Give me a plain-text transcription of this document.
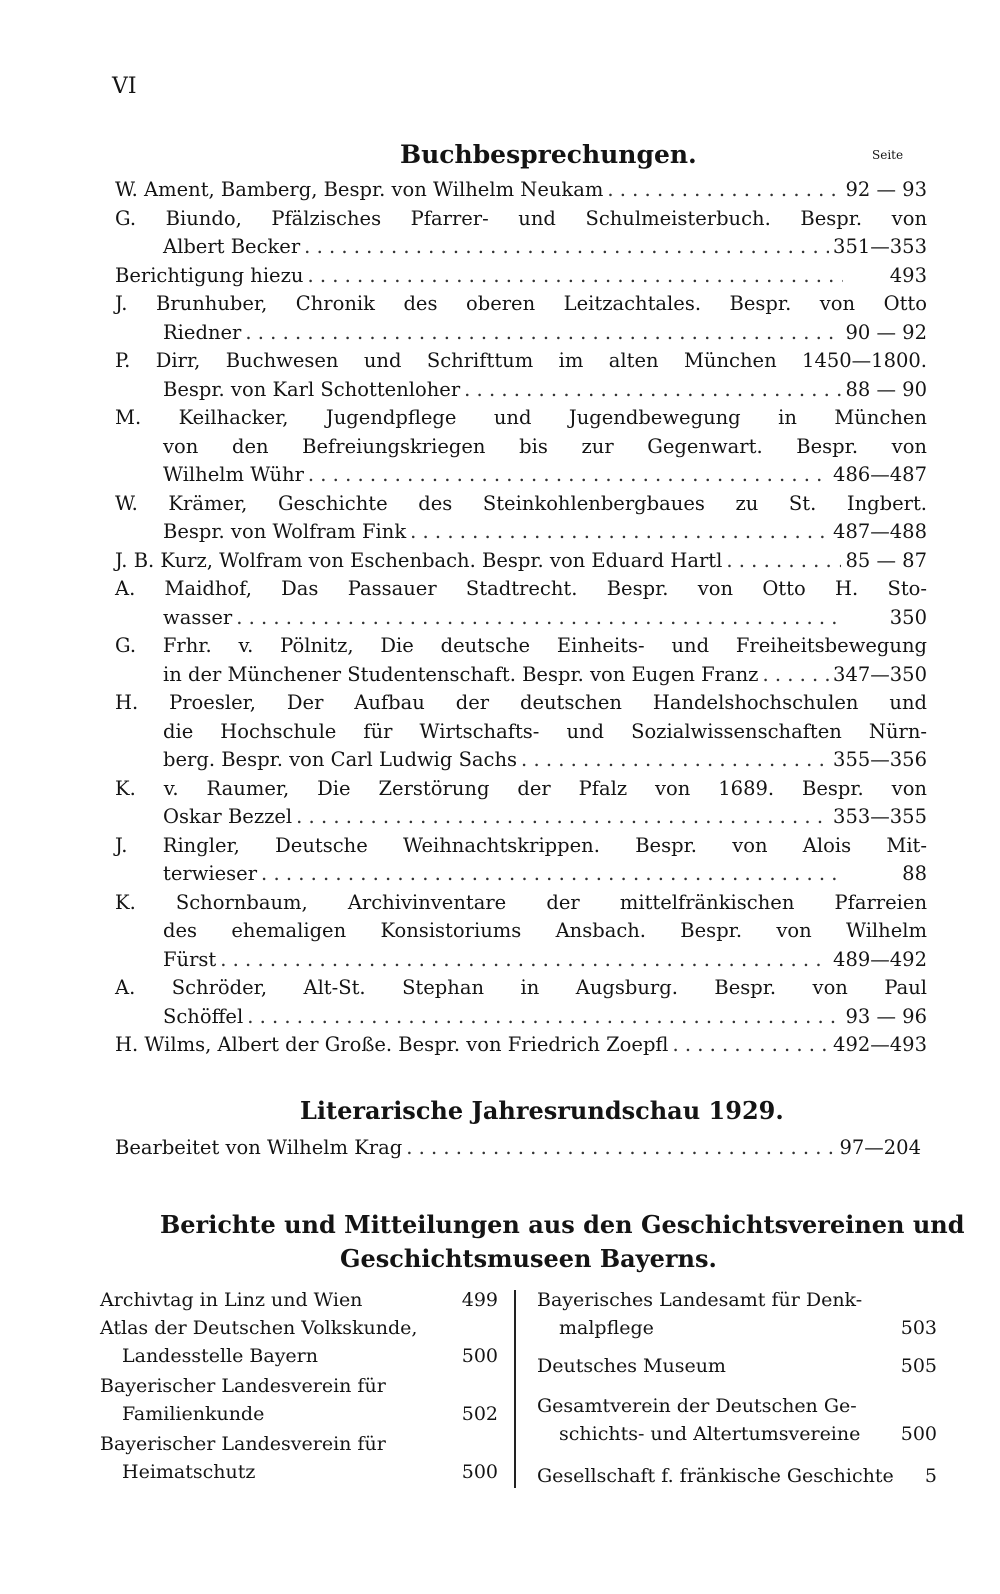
VI
Buchbesprechungen.	Seite
W. Ament, Bamberg, Bespr. von Wilhelm Neukam . . .	92 — 93
G. Biundo, Pfälzisches Pfarrer- und Schulmeisterbuch. Bespr. von
Albert Becker . . .	351—353
Berichtigung hiezu . . .	493
J. Brunhuber, Chronik des oberen Leitzachtales. Bespr. von Otto
Riedner . . .	90 — 92
P. Dirr, Buchwesen und Schrifttum im alten München 1450—1800.
Bespr. von Karl Schottenloher . . .	88 — 90
M. Keilhacker, Jugendpflege und Jugendbewegung in München
von den Befreiungskriegen bis zur Gegenwart. Bespr. von
Wilhelm Wühr . . .	486—487
W. Krämer, Geschichte des Steinkohlenbergbaues zu St. Ingbert.
Bespr. von Wolfram Fink . . .	487—488
J. B. Kurz, Wolfram von Eschenbach. Bespr. von Eduard Hartl . . .	85 — 87
A. Maidhof, Das Passauer Stadtrecht. Bespr. von Otto H. Sto-
wasser . . .	350
G. Frhr. v. Pölnitz, Die deutsche Einheits- und Freiheitsbewegung
in der Münchener Studentenschaft. Bespr. von Eugen Franz . . .	347—350
H. Proesler, Der Aufbau der deutschen Handelshochschulen und
die Hochschule für Wirtschafts- und Sozialwissenschaften Nürn-
berg. Bespr. von Carl Ludwig Sachs . . .	355—356
K. v. Raumer, Die Zerstörung der Pfalz von 1689. Bespr. von
Oskar Bezzel . . .	353—355
J. Ringler, Deutsche Weihnachtskrippen. Bespr. von Alois Mit-
terwieser . . .	88
K. Schornbaum, Archivinventare der mittelfränkischen Pfarreien
des ehemaligen Konsistoriums Ansbach. Bespr. von Wilhelm
Fürst . . .	489—492
A. Schröder, Alt-St. Stephan in Augsburg. Bespr. von Paul
Schöffel . . .	93 — 96
H. Wilms, Albert der Große. Bespr. von Friedrich Zoepfl . . .	492—493
Literarische Jahresrundschau 1929.
Bearbeitet von Wilhelm Krag . . .	97—204
Berichte und Mitteilungen aus den Geschichtsvereinen und
Geschichtsmuseen Bayerns.
Archivtag in Linz und Wien	499
Atlas der Deutschen Volkskunde,
Landesstelle Bayern	500
Bayerischer Landesverein für
Familienkunde	502
Bayerischer Landesverein für
Heimatschutz	500
Bayerisches Landesamt für Denk-
malpflege	503
Deutsches Museum	505
Gesamtverein der Deutschen Ge-
schichts- und Altertumsvereine 500
Gesellschaft f. fränkische Geschichte 5
